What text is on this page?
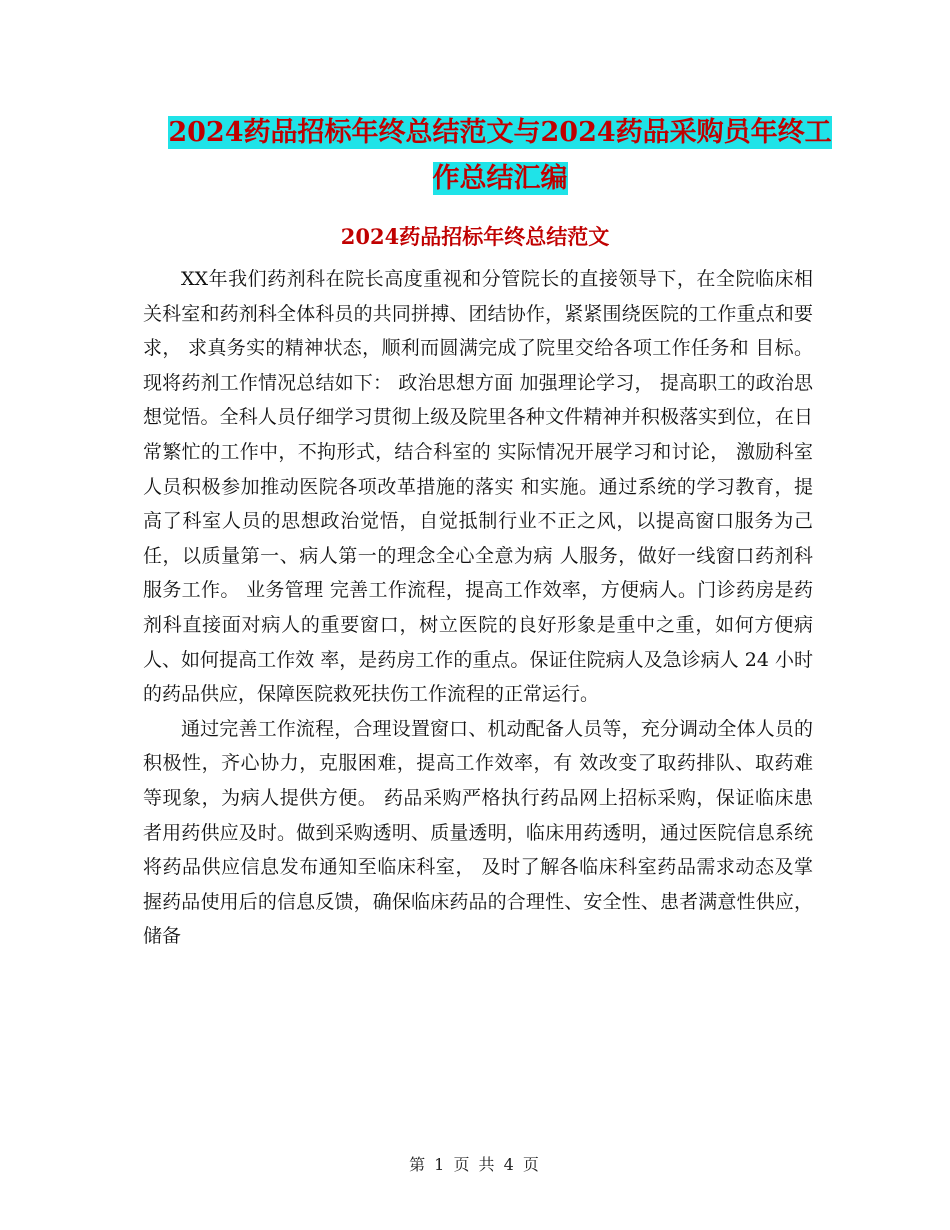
2024药品招标年终总结范文与2024药品采购员年终工
作总结汇编
2024药品招标年终总结范文

XX年我们药剂科在院长高度重视和分管院长的直接领导下，在全院临床相关科室和药剂科全体科员的共同拼搏、团结协作，紧紧围绕医院的工作重点和要求， 求真务实的精神状态，顺利而圆满完成了院里交给各项工作任务和 目标。 现将药剂工作情况总结如下： 政治思想方面 加强理论学习， 提高职工的政治思想觉悟。全科人员仔细学习贯彻上级及院里各种文件精神并积极落实到位，在日常繁忙的工作中，不拘形式，结合科室的 实际情况开展学习和讨论， 激励科室人员积极参加推动医院各项改革措施的落实 和实施。通过系统的学习教育，提高了科室人员的思想政治觉悟，自觉抵制行业不正之风，以提高窗口服务为己任，以质量第一、病人第一的理念全心全意为病 人服务，做好一线窗口药剂科服务工作。 业务管理 完善工作流程，提高工作效率，方便病人。门诊药房是药剂科直接面对病人的重要窗口，树立医院的良好形象是重中之重，如何方便病人、如何提高工作效 率，是药房工作的重点。保证住院病人及急诊病人 24 小时的药品供应，保障医院救死扶伤工作流程的正常运行。

通过完善工作流程，合理设置窗口、机动配备人员等，充分调动全体人员的积极性，齐心协力，克服困难，提高工作效率，有 效改变了取药排队、取药难等现象，为病人提供方便。 药品采购严格执行药品网上招标采购，保证临床患者用药供应及时。做到采购透明、质量透明，临床用药透明，通过医院信息系统将药品供应信息发布通知至临床科室， 及时了解各临床科室药品需求动态及掌握药品使用后的信息反馈，确保临床药品的合理性、安全性、患者满意性供应，储备

第 1 页 共 4 页
